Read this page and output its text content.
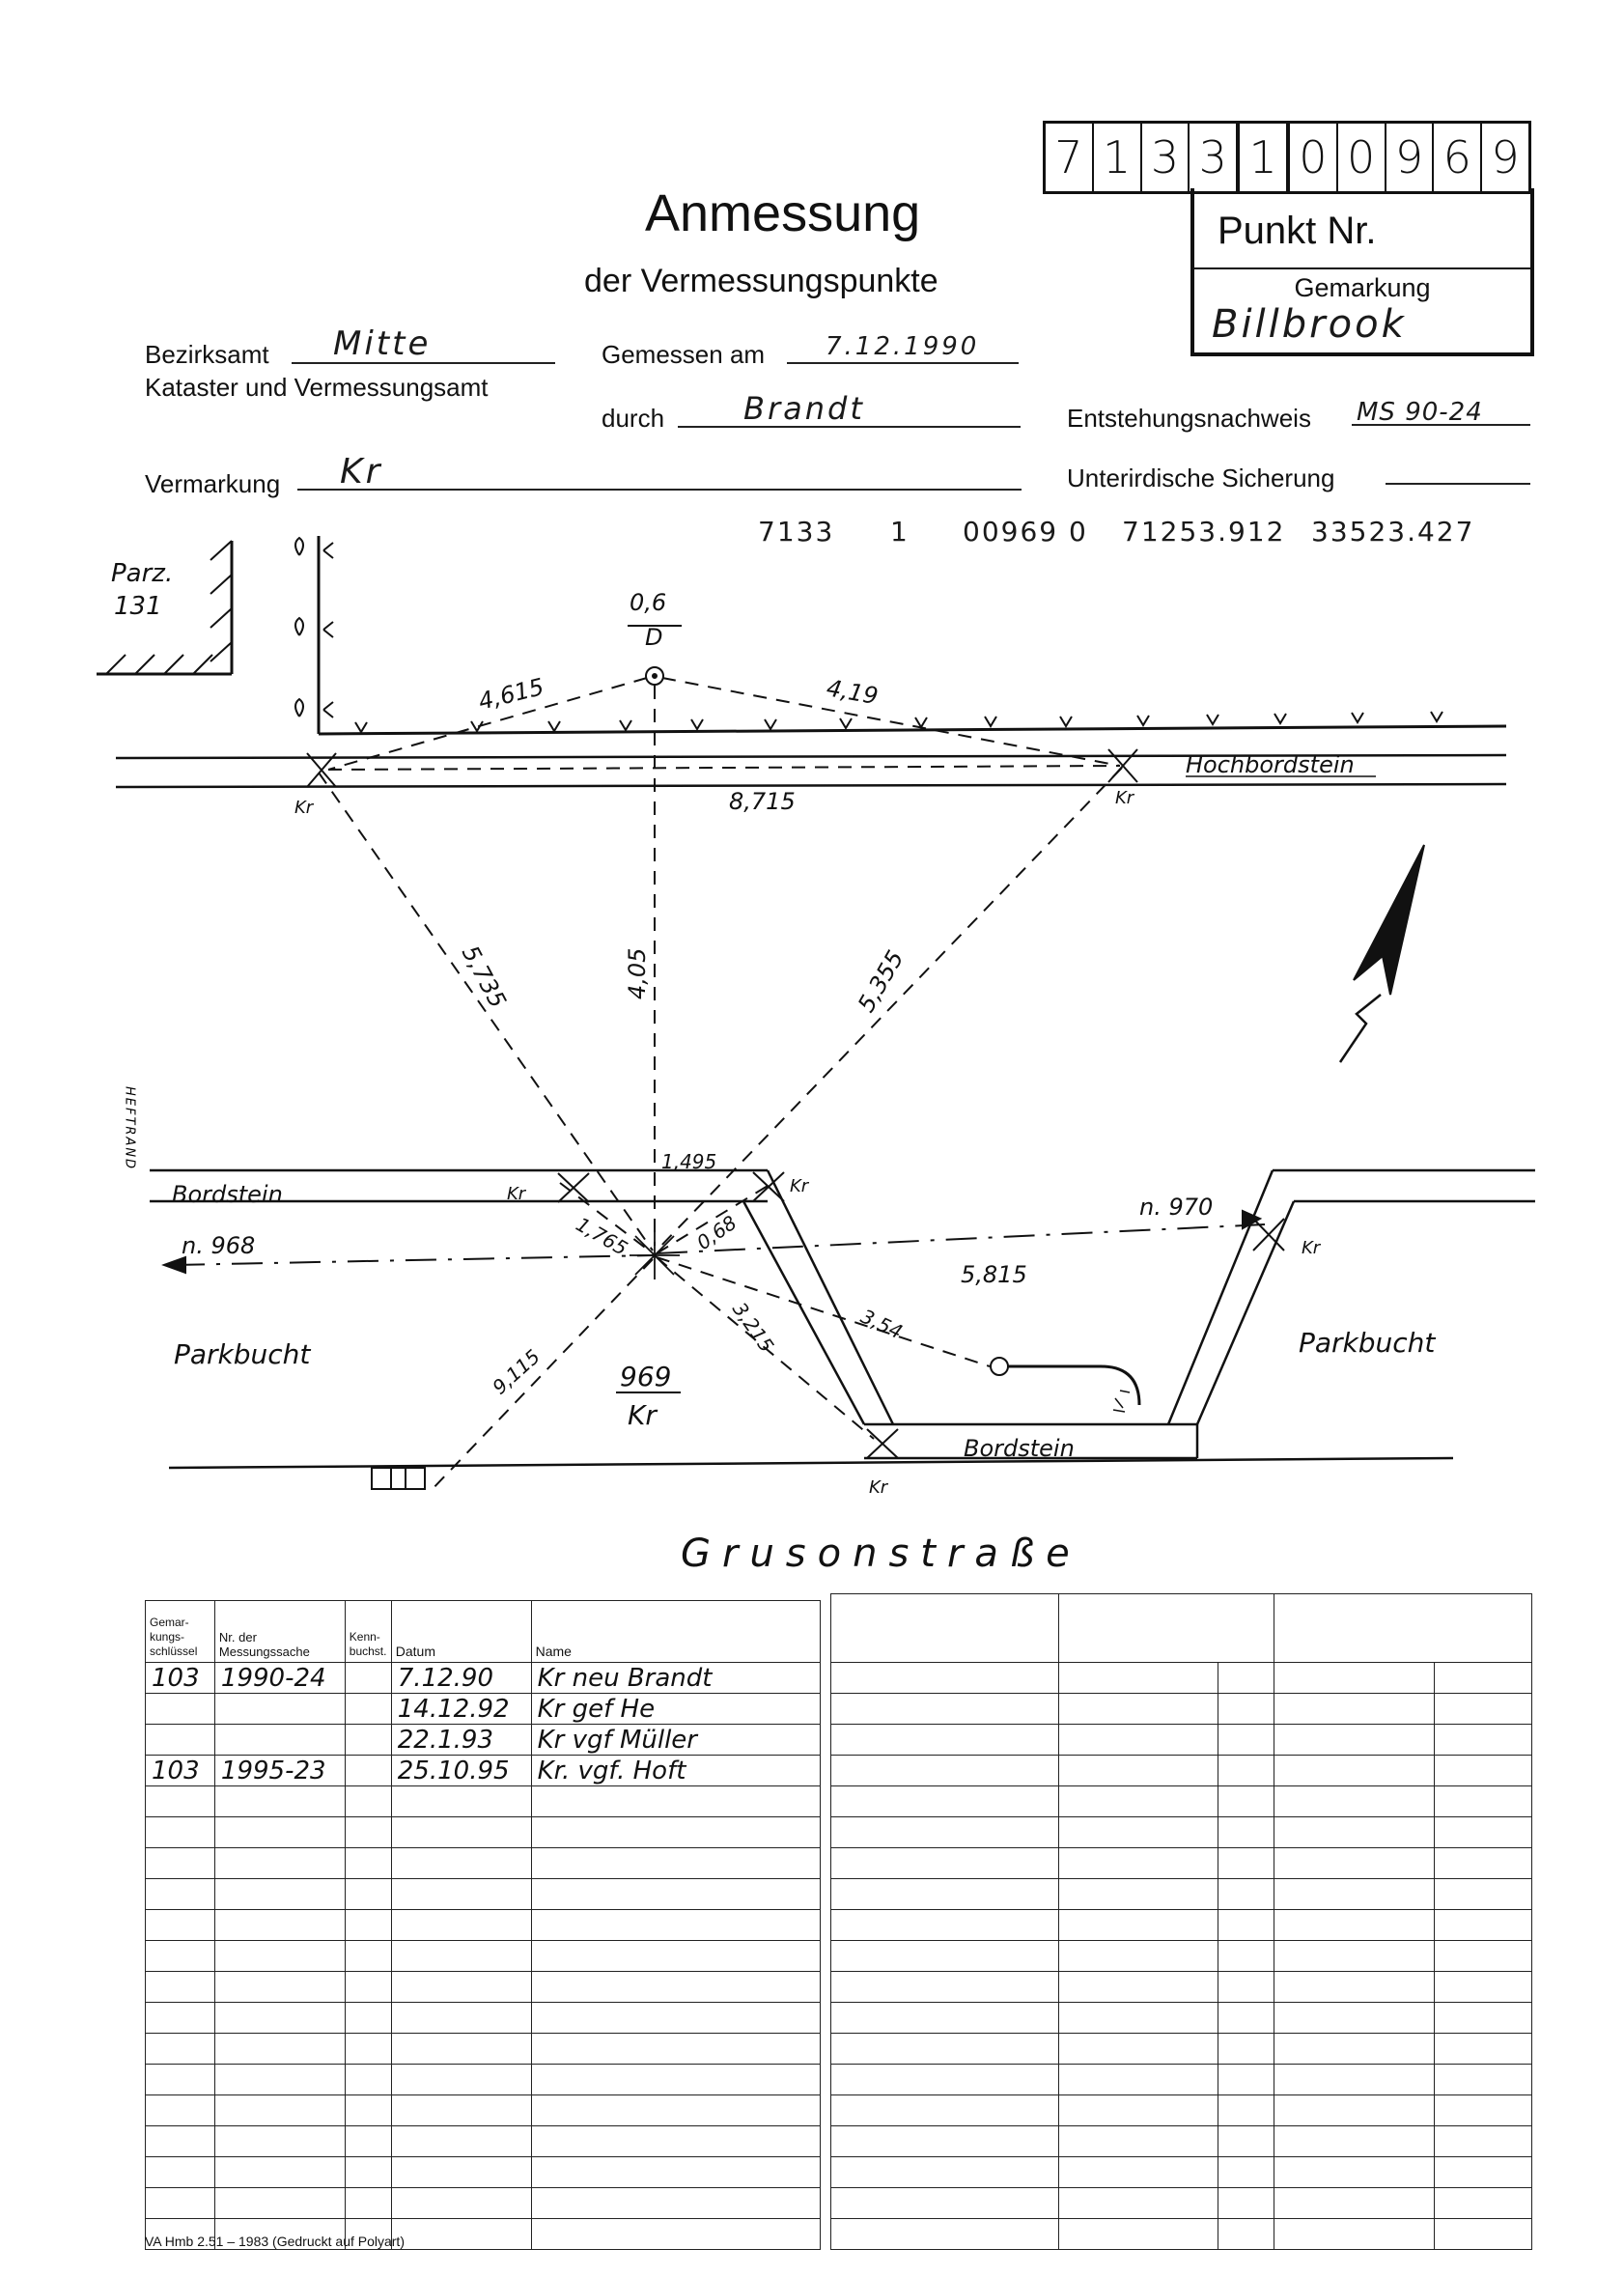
7 1 3 3 1 0 0 9 6 9
Punkt Nr.
Gemarkung
Billbrook
Anmessung
der Vermessungspunkte
Bezirksamt Mitte
Kataster und Vermessungsamt
Gemessen am 7.12.1990
durch	Brandt	Entstehungsnachweis MS 90-24
Vermarkung Kr	Unterirdische Sicherung
7133 1 00969 0 71253.912 33523.427
Parz.
131	0,6
D
4,615	4,19
8,715
Hochbordstein
Kr	Kr
5,735	4,05	5,355
Bordstein	Kr	Kr
Kr
Kr
1,495
n. 970
n. 968	1,765	0,68
5,815
Parkbucht	Parkbucht
3,54
3,215
9,115	969
Kr
Bordstein
Grusonstraße
HEFTRAND
Gemar-kungs-schlüssel	Nr. der Messungssache	Kenn-buchst.	Datum	Name
103	1990-24		7.12.90	Kr neu Brandt
			14.12.92	Kr gef He
			22.1.93	Kr vgf Müller
103	1995-23		25.10.95	Kr. vgf. Hoft

VA Hmb 2.51 – 1983 (Gedruckt auf Polyart)
